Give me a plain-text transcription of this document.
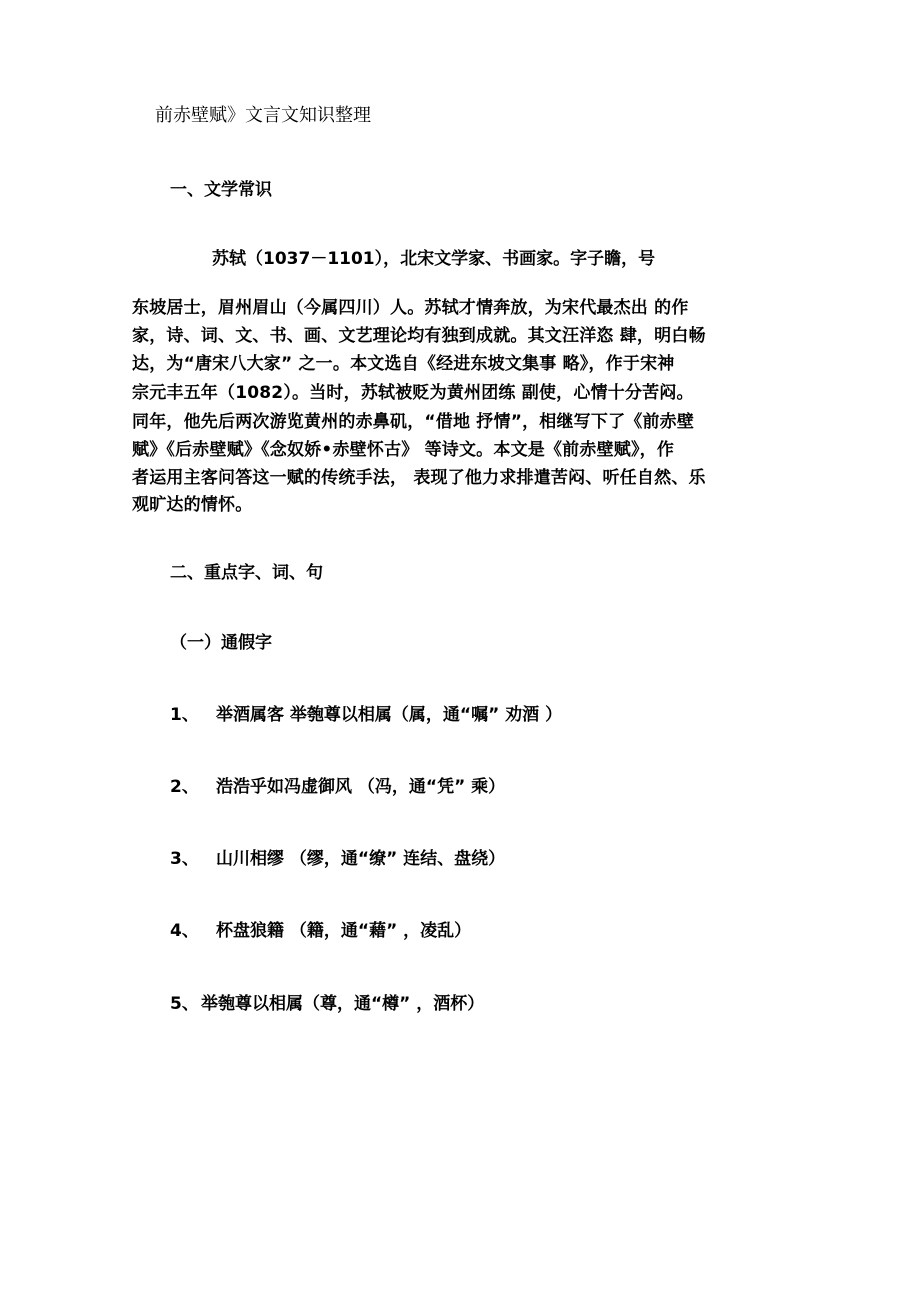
前赤壁赋》文言文知识整理
一、文学常识
苏轼（1037－1101），北宋文学家、书画家。字子瞻，号
东坡居士，眉州眉山（今属四川）人。苏轼才情奔放，为宋代最杰出 的作
家，诗、词、文、书、画、文艺理论均有独到成就。其文汪洋恣 肆，明白畅
达，为“唐宋八大家” 之一。本文选自《经进东坡文集事 略》，作于宋神
宗元丰五年（1082）。当时，苏轼被贬为黄州团练 副使，心情十分苦闷。
同年，他先后两次游览黄州的赤鼻矶，“借地 抒情”，相继写下了《前赤壁
赋》《后赤壁赋》《念奴娇•赤壁怀古》 等诗文。本文是《前赤壁赋》，作
者运用主客问答这一赋的传统手法， 表现了他力求排遣苦闷、听任自然、乐
观旷达的情怀。
二、重点字、词、句
（一）通假字
1、 举酒属客 举匏尊以相属（属，通“嘱” 劝酒 ）
2、 浩浩乎如冯虚御风 （冯，通“凭” 乘）
3、 山川相缪 （缪，通“缭” 连结、盘绕）
4、 杯盘狼籍 （籍，通“藉” ，凌乱）
5、 举匏尊以相属（尊，通“樽” ，酒杯）
